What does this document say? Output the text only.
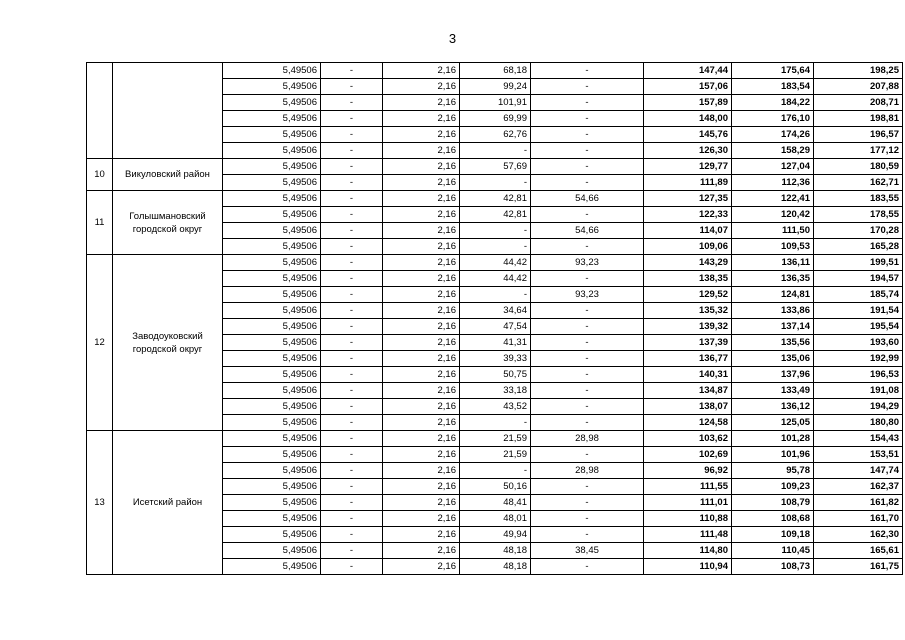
3
		5,49506	-	2,16	68,18	-	147,44	175,64	198,25
		5,49506	-	2,16	99,24	-	157,06	183,54	207,88
		5,49506	-	2,16	101,91	-	157,89	184,22	208,71
		5,49506	-	2,16	69,99	-	148,00	176,10	198,81
		5,49506	-	2,16	62,76	-	145,76	174,26	196,57
		5,49506	-	2,16	-	-	126,30	158,29	177,12
10	Викуловский район	5,49506	-	2,16	57,69	-	129,77	127,04	180,59
		5,49506	-	2,16	-	-	111,89	112,36	162,71
11	Голышмановский городской округ	5,49506	-	2,16	42,81	54,66	127,35	122,41	183,55
		5,49506	-	2,16	42,81	-	122,33	120,42	178,55
		5,49506	-	2,16	-	54,66	114,07	111,50	170,28
		5,49506	-	2,16	-	-	109,06	109,53	165,28
12	Заводоуковский городской округ	5,49506	-	2,16	44,42	93,23	143,29	136,11	199,51
		5,49506	-	2,16	44,42	-	138,35	136,35	194,57
		5,49506	-	2,16	-	93,23	129,52	124,81	185,74
		5,49506	-	2,16	34,64	-	135,32	133,86	191,54
		5,49506	-	2,16	47,54	-	139,32	137,14	195,54
		5,49506	-	2,16	41,31	-	137,39	135,56	193,60
		5,49506	-	2,16	39,33	-	136,77	135,06	192,99
		5,49506	-	2,16	50,75	-	140,31	137,96	196,53
		5,49506	-	2,16	33,18	-	134,87	133,49	191,08
		5,49506	-	2,16	43,52	-	138,07	136,12	194,29
		5,49506	-	2,16	-	-	124,58	125,05	180,80
13	Исетский район	5,49506	-	2,16	21,59	28,98	103,62	101,28	154,43
		5,49506	-	2,16	21,59	-	102,69	101,96	153,51
		5,49506	-	2,16	-	28,98	96,92	95,78	147,74
		5,49506	-	2,16	50,16	-	111,55	109,23	162,37
		5,49506	-	2,16	48,41	-	111,01	108,79	161,82
		5,49506	-	2,16	48,01	-	110,88	108,68	161,70
		5,49506	-	2,16	49,94	-	111,48	109,18	162,30
		5,49506	-	2,16	48,18	38,45	114,80	110,45	165,61
		5,49506	-	2,16	48,18	-	110,94	108,73	161,75
